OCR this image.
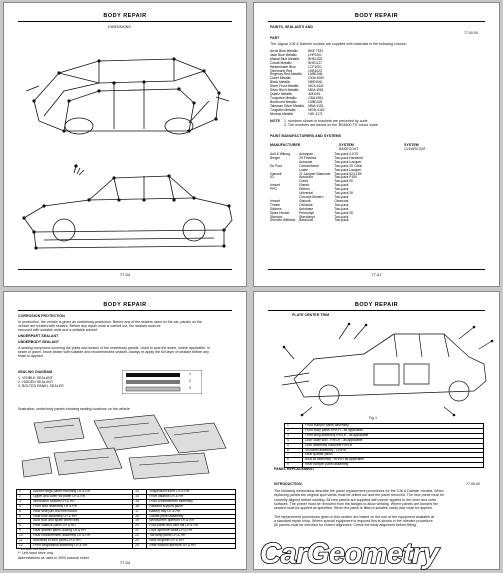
BODY REPAIR
DIMENSIONS
77-04
BODY REPAIR
PAINTS, SEALANTS AND
77.00.00
PART
The Jaguar XJ6 & Daimler models are supplied with materials in the following colours:
Arctic Blue Metallic	BKE 7331
Jade Blue Metallic	LHF0201
Mistral Blue Metallic	BHE1022
Cobalt Metallic	BHE1117
Westminster Blue	LCF1001
Glenmorie Red	LKB1023
Regency Red Metallic	LMB1046
Claret Metallic	CKM 4060
Black Metallic	NBE4040
Silver Frost Metallic	MCA 4441
Silver Birch Metallic	MDA 4051
Quartz Metallic	AM1001
Turquoise Metallic	CBA 4351
Buckhurst Metallic	LMB1025
Talisman Silver Metallic	MNA 4151
Tungsten Metallic	MGM 4162
Nimbus Metallic	HJE 4171
NOTE 1. numbers shown in brackets are preceded by code
2. The numbers are based on the 'BS4800 TS' colour scale
PAINT MANUFACTURERS AND SYSTEMS
MANUFACTURER	SYSTEM	SYSTEM
BASECOAT	CLEARCOAT
Ault & Wiborg	Autospan	Two-pack 2-K70
Berger	2K Finishes	Two-pack Hardener
	Autocoat	Two-pack Lacquer
Du Pont	Centari/Imron	Two-pack 2K Clear
	Lucite	Two-pack Lacquer
Glasurit	21 Lacquer Basecoat	Two-pack 923-155
ICI	Autocolor	Two-pack P190
	Cobra	Two-pack 2K
Inmont	Glasso	Two-pack
PPG	Deltron	Two-pack
	Universal	Two-pack 2K
	Concept Modern	Two-pack
Inmont	Glasurit	Clearcoat
Trimite	Cellulose	Two-pack
Sikkens	Autobase	Two-pack
Spies Hecker	Permahyd	Two-pack 2K
Standox	Standohyd	Two-pack
Sherwin Williams	Basecoat	Two-pack
77-47
BODY REPAIR
CORROSION PROTECTION
In production, the vehicle is given an underbody protection. Before any of the sealers used on the car, panels on the
vehicle are treated with sealant. Before any repair work is carried out, the sealant must be
removed with suitable tools and a suitable solvent.
UNDERPART SEALANT
UNDERBODY SEALANT
A sealing compound covering the joints and seams of the underbody panels. Used to seal the seam, where applicable, in
seam or panel, brush sealer with suitable and recommended sealant. Always re-apply the full layer of sealant before any
finish is applied.
SEALING DIAGRAM
1. VISIBLE SEALANT
2. HIDDEN SEALANT
3. BOLTED PANEL SEALER
1
2
3
Illustration, underbody panels showing sealing locations on the vehicle
1	Bonnet hinge panel mounting LH & RH	13	Suspension turret LH & RH
2	Upper and lower sill panel LH & RH	14	Front valance LH & RH
3	Wheelarch sealant LH & RH	15	Front crossmember assembly
4	Front floor assembly LH & RH	16	Radiator support panel
5	Rear seat pan and heel board	17	Battery tray LH & RH
6	Rear floor assembly LH & RH	18	Scuttle panel assembly
7	Boot floor and spare wheel well	19	Windscreen aperture LH & RH
8	Rear valance panel LH & RH	20	Roof panel and cant rail LH & RH
9	Rear quarter panel closing LH & RH	21	Door aperture seals LH & RH
10	Rear crossmember assembly LH & RH	22	Tail lamp panel LH & RH
11	Bulkhead to floor joints LH & RH	23	Boot lid gutter LH & RH
12	Front longitudinal assembly LH & RH	24	Rear window aperture LH & RH
* Vehicle not fitted
** Left hand drive only
Abbreviations as used in 2000 manual sheet
77-04
BODY REPAIR
PLATE CENTER TRIM
Fig 1
1	Front bumper panel assembly
2	Front body panel RH/LH - as applicable
3	Front wing assembly RH/LH - as applicable
4	Door outer skin - RH/LH - as applicable
5	Door assembly complete RH/LH
6	Sill panel assembly - LH/RH
7	Rear quarter panel
8	Boot lid assembly - RH/LH as applicable
9	Rear bumper panel assembly
PANEL REPLACEMENT
INTRODUCTION	77.00.00
The following instructions describe the panel replacement procedures for the XJ6 & Daimler models. When
replacing panels the original spot welds must be drilled out and the panel removed. The new panel must be
correctly aligned before welding. All new panels are supplied with primer applied to the inner and outer
surfaces. The primer must be removed from the flanges to allow welding. Where panels are bonded the
sealant must be applied as specified. When the panel is fitted a suitable cavity wax must be applied.
The replacement procedures given in this section are based on the use of the equipment available at
a standard repair shop. Where special equipment is required this is shown in the relevant procedure.
All panels must be checked for correct alignment. Check the body alignment before fitting.
CarGeometry
